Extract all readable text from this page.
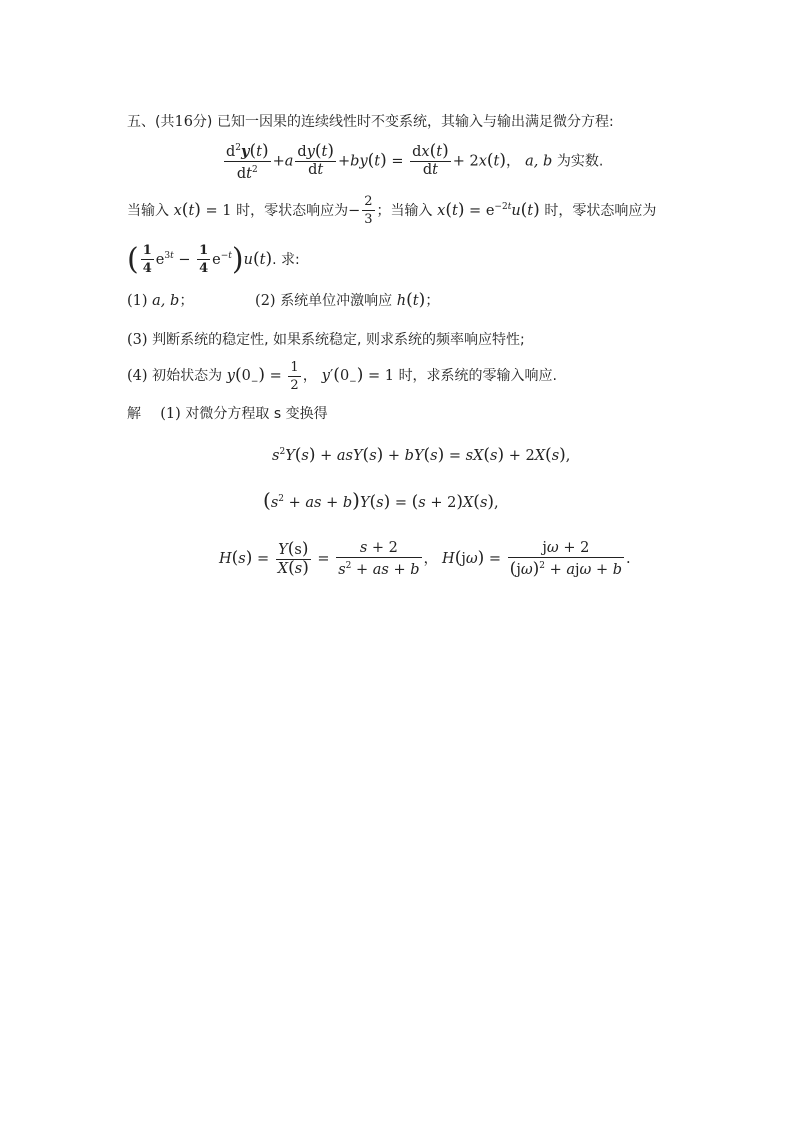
五、(共16分) 已知一因果的连续线性时不变系统，其输入与输出满足微分方程:
$\frac{d^2y(t)}{dt^2} +a \frac{dy(t)}{dt} +by(t) = \frac{dx(t)}{dt} + 2x(t)$， a, b 为实数.
当输入 x(t) = 1 时，零状态响应为− $\frac{2}{3}$ ；当输入 $x(t) = e^{-2t}u(t)$ 时，零状态响应为
( $\frac{1}{4} e^{3t} - \frac{1}{4} e^{-t})u(t)$. 求:
(1) a, b；	(2) 系统单位冲激响应 h(t)；
(3) 判断系统的稳定性, 如果系统稳定, 则求系统的频率响应特性;
(4) 初始状态为 $y(0_-) = \frac{1}{2}$ ， $y'(0_-) = 1$ 时，求系统的零输入响应.
解 (1) 对微分方程取 s 变换得
$s^2Y(s) + asY(s) + bY(s) = sX(s) + 2X(s)$,
($s^2$ + as + b)Y(s) = (s + 2)X(s),
$H(s) = \frac{Y(s)}{X(s)} = \frac{s + 2}{s^2 + as + b}$ ， $H(j\omega) = \frac{j\omega + 2}{(j\omega)^2 + aj\omega + b}$ .
